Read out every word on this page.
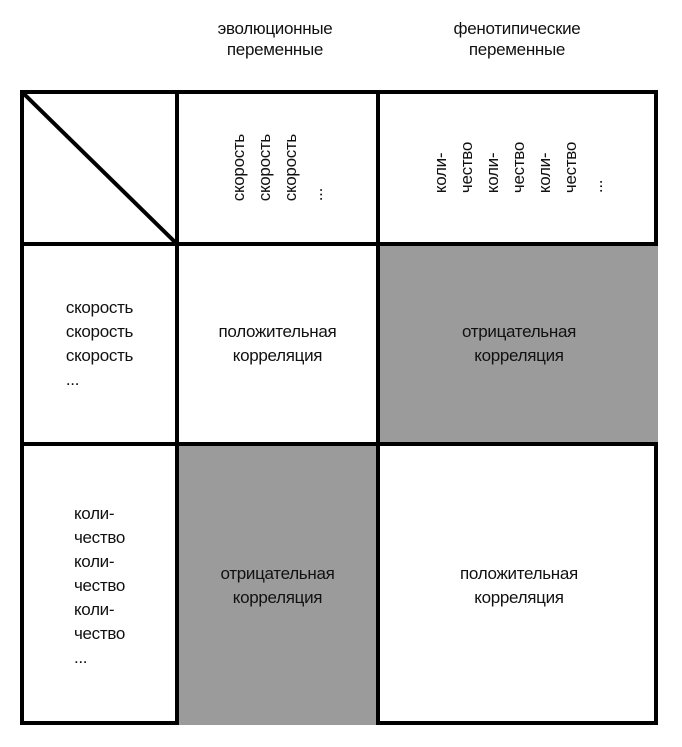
эволюционные
переменные
фенотипические
переменные
скорость скорость скорость ...
коли- чество коли- чество коли- чество ...
скорость
скорость
скорость
...
коли-
чество
коли-
чество
коли-
чество
...
положительная
корреляция
отрицательная
корреляция
отрицательная
корреляция
положительная
корреляция
